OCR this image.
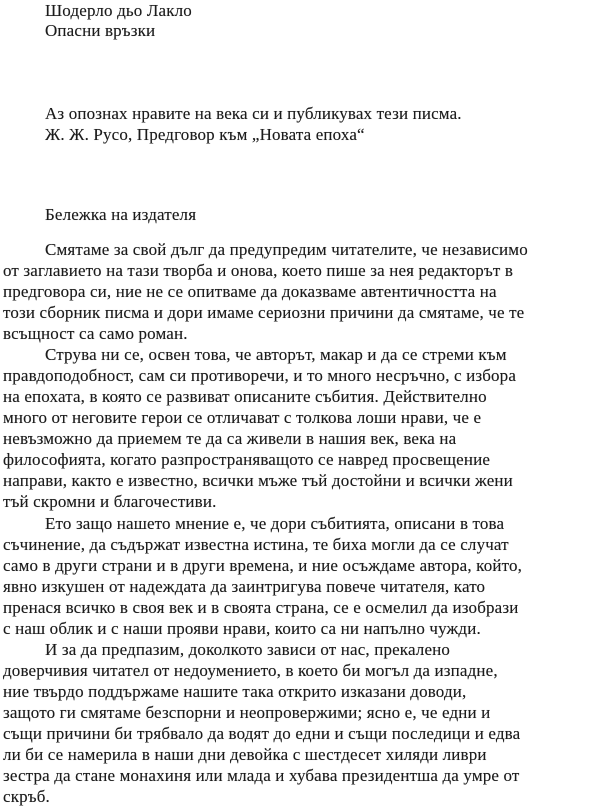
Шодерло дьо Лакло
Опасни връзки
Аз опознах нравите на века си и публикувах тези писма.
Ж. Ж. Русо, Предговор към „Новата епоха“
Бележка на издателя
Смятаме за свой дълг да предупредим читателите, че независимо
от заглавието на тази творба и онова, което пише за нея редакторът в
предговора си, ние не се опитваме да доказваме автентичността на
този сборник писма и дори имаме сериозни причини да смятаме, че те
всъщност са само роман.
Струва ни се, освен това, че авторът, макар и да се стреми към
правдоподобност, сам си противоречи, и то много несръчно, с избора
на епохата, в която се развиват описаните събития. Действително
много от неговите герои се отличават с толкова лоши нрави, че е
невъзможно да приемем те да са живели в нашия век, века на
философията, когато разпространяващото се навред просвещение
направи, както е известно, всички мъже тъй достойни и всички жени
тъй скромни и благочестиви.
Ето защо нашето мнение е, че дори събитията, описани в това
съчинение, да съдържат известна истина, те биха могли да се случат
само в други страни и в други времена, и ние осъждаме автора, който,
явно изкушен от надеждата да заинтригува повече читателя, като
пренася всичко в своя век и в своята страна, се е осмелил да изобрази
с наш облик и с наши прояви нрави, които са ни напълно чужди.
И за да предпазим, доколкото зависи от нас, прекалено
доверчивия читател от недоумението, в което би могъл да изпадне,
ние твърдо поддържаме нашите така открито изказани доводи,
защото ги смятаме безспорни и неопровержими; ясно е, че едни и
същи причини би трябвало да водят до едни и същи последици и едва
ли би се намерила в наши дни девойка с шестдесет хиляди ливри
зестра да стане монахиня или млада и хубава президентша да умре от
скръб.
